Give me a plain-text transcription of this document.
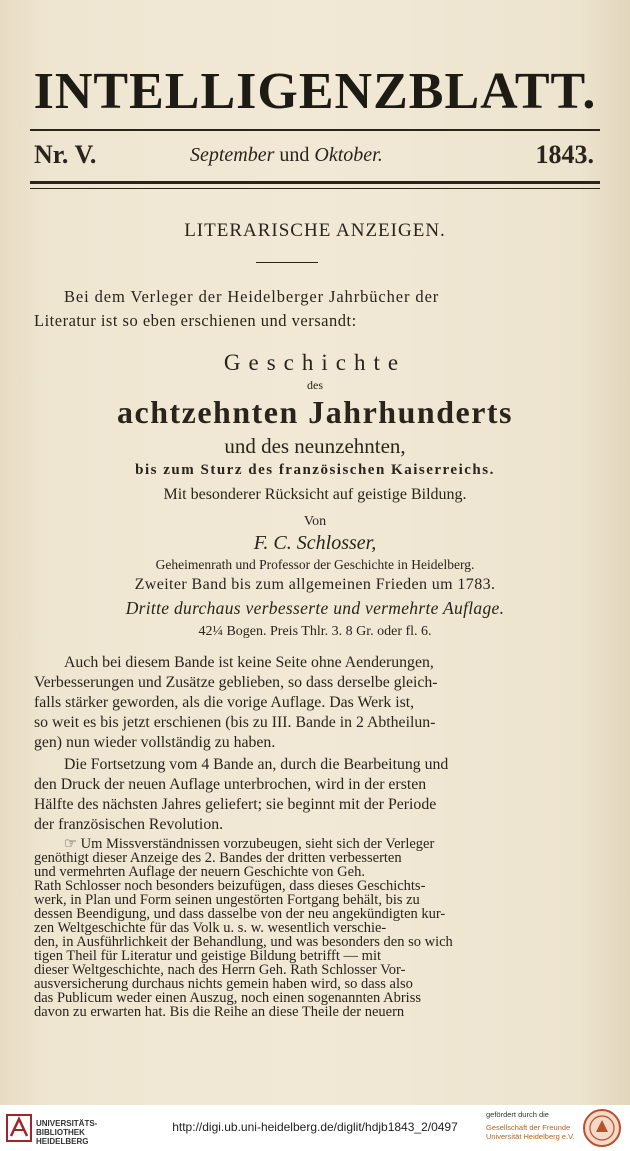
INTELLIGENZBLATT.
Nr. V.	September und Oktober.	1843.
LITERARISCHE ANZEIGEN.
Bei dem Verleger der Heidelberger Jahrbücher der
Literatur ist so eben erschienen und versandt:
Geschichte
des
achtzehnten Jahrhunderts
und des neunzehnten,
bis zum Sturz des französischen Kaiserreichs.
Mit besonderer Rücksicht auf geistige Bildung.
Von
F. C. Schlosser,
Geheimenrath und Professor der Geschichte in Heidelberg.
Zweiter Band bis zum allgemeinen Frieden um 1783.
Dritte durchaus verbesserte und vermehrte Auflage.
42¼ Bogen. Preis Thlr. 3. 8 Gr. oder fl. 6.
Auch bei diesem Bande ist keine Seite ohne Aenderungen,
Verbesserungen und Zusätze geblieben, so dass derselbe gleich-
falls stärker geworden, als die vorige Auflage. Das Werk ist,
so weit es bis jetzt erschienen (bis zu III. Bande in 2 Abtheilun-
gen) nun wieder vollständig zu haben.
Die Fortsetzung vom 4 Bande an, durch die Bearbeitung und
den Druck der neuen Auflage unterbrochen, wird in der ersten
Hälfte des nächsten Jahres geliefert; sie beginnt mit der Periode
der französischen Revolution.
☞ Um Missverständnissen vorzubeugen, sieht sich der Verleger
genöthigt dieser Anzeige des 2. Bandes der dritten verbesserten
und vermehrten Auflage der neuern Geschichte von Geh.
Rath Schlosser noch besonders beizufügen, dass dieses Geschichts-
werk, in Plan und Form seinen ungestörten Fortgang behält, bis zu
dessen Beendigung, und dass dasselbe von der neu angekündigten kur-
zen Weltgeschichte für das Volk u. s. w. wesentlich verschie-
den, in Ausführlichkeit der Behandlung, und was besonders den so wich
tigen Theil für Literatur und geistige Bildung betrifft — mit
dieser Weltgeschichte, nach des Herrn Geh. Rath Schlosser Vor-
ausversicherung durchaus nichts gemein haben wird, so dass also
das Publicum weder einen Auszug, noch einen sogenannten Abriss
davon zu erwarten hat. Bis die Reihe an diese Theile der neuern
UNIVERSITÄTS-
BIBLIOTHEK
HEIDELBERG
http://digi.ub.uni-heidelberg.de/diglit/hdjb1843_2/0497
gefördert durch die
Gesellschaft der Freunde
Universität Heidelberg e.V.
